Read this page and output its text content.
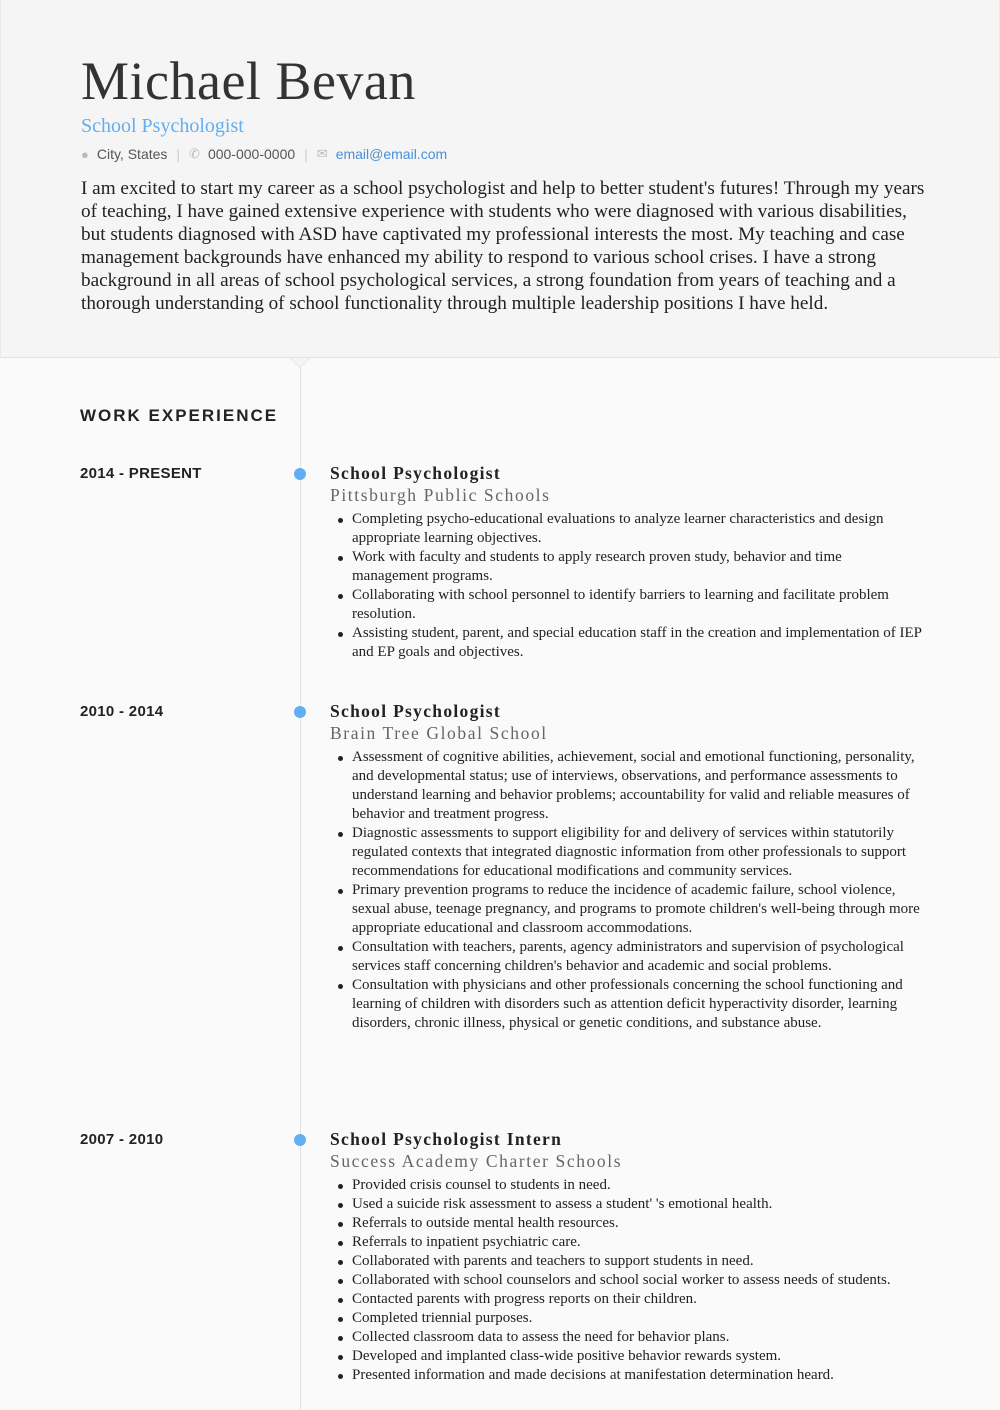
Michael Bevan
School Psychologist
● City, States | ✆ 000-000-0000 | ✉ email@email.com
I am excited to start my career as a school psychologist and help to better student's futures! Through my years of teaching, I have gained extensive experience with students who were diagnosed with various disabilities, but students diagnosed with ASD have captivated my professional interests the most. My teaching and case management backgrounds have enhanced my ability to respond to various school crises. I have a strong background in all areas of school psychological services, a strong foundation from years of teaching and a thorough understanding of school functionality through multiple leadership positions I have held.
WORK EXPERIENCE
2014 - PRESENT	School Psychologist
Pittsburgh Public Schools
Completing psycho-educational evaluations to analyze learner characteristics and design appropriate learning objectives.
Work with faculty and students to apply research proven study, behavior and time management programs.
Collaborating with school personnel to identify barriers to learning and facilitate problem resolution.
Assisting student, parent, and special education staff in the creation and implementation of IEP and EP goals and objectives.
2010 - 2014	School Psychologist
Brain Tree Global School
Assessment of cognitive abilities, achievement, social and emotional functioning, personality, and developmental status; use of interviews, observations, and performance assessments to understand learning and behavior problems; accountability for valid and reliable measures of behavior and treatment progress.
Diagnostic assessments to support eligibility for and delivery of services within statutorily regulated contexts that integrated diagnostic information from other professionals to support recommendations for educational modifications and community services.
Primary prevention programs to reduce the incidence of academic failure, school violence, sexual abuse, teenage pregnancy, and programs to promote children's well-being through more appropriate educational and classroom accommodations.
Consultation with teachers, parents, agency administrators and supervision of psychological services staff concerning children's behavior and academic and social problems.
Consultation with physicians and other professionals concerning the school functioning and learning of children with disorders such as attention deficit hyperactivity disorder, learning disorders, chronic illness, physical or genetic conditions, and substance abuse.
2007 - 2010	School Psychologist Intern
Success Academy Charter Schools
Provided crisis counsel to students in need.
Used a suicide risk assessment to assess a student' 's emotional health.
Referrals to outside mental health resources.
Referrals to inpatient psychiatric care.
Collaborated with parents and teachers to support students in need.
Collaborated with school counselors and school social worker to assess needs of students.
Contacted parents with progress reports on their children.
Completed triennial purposes.
Collected classroom data to assess the need for behavior plans.
Developed and implanted class-wide positive behavior rewards system.
Presented information and made decisions at manifestation determination heard.
